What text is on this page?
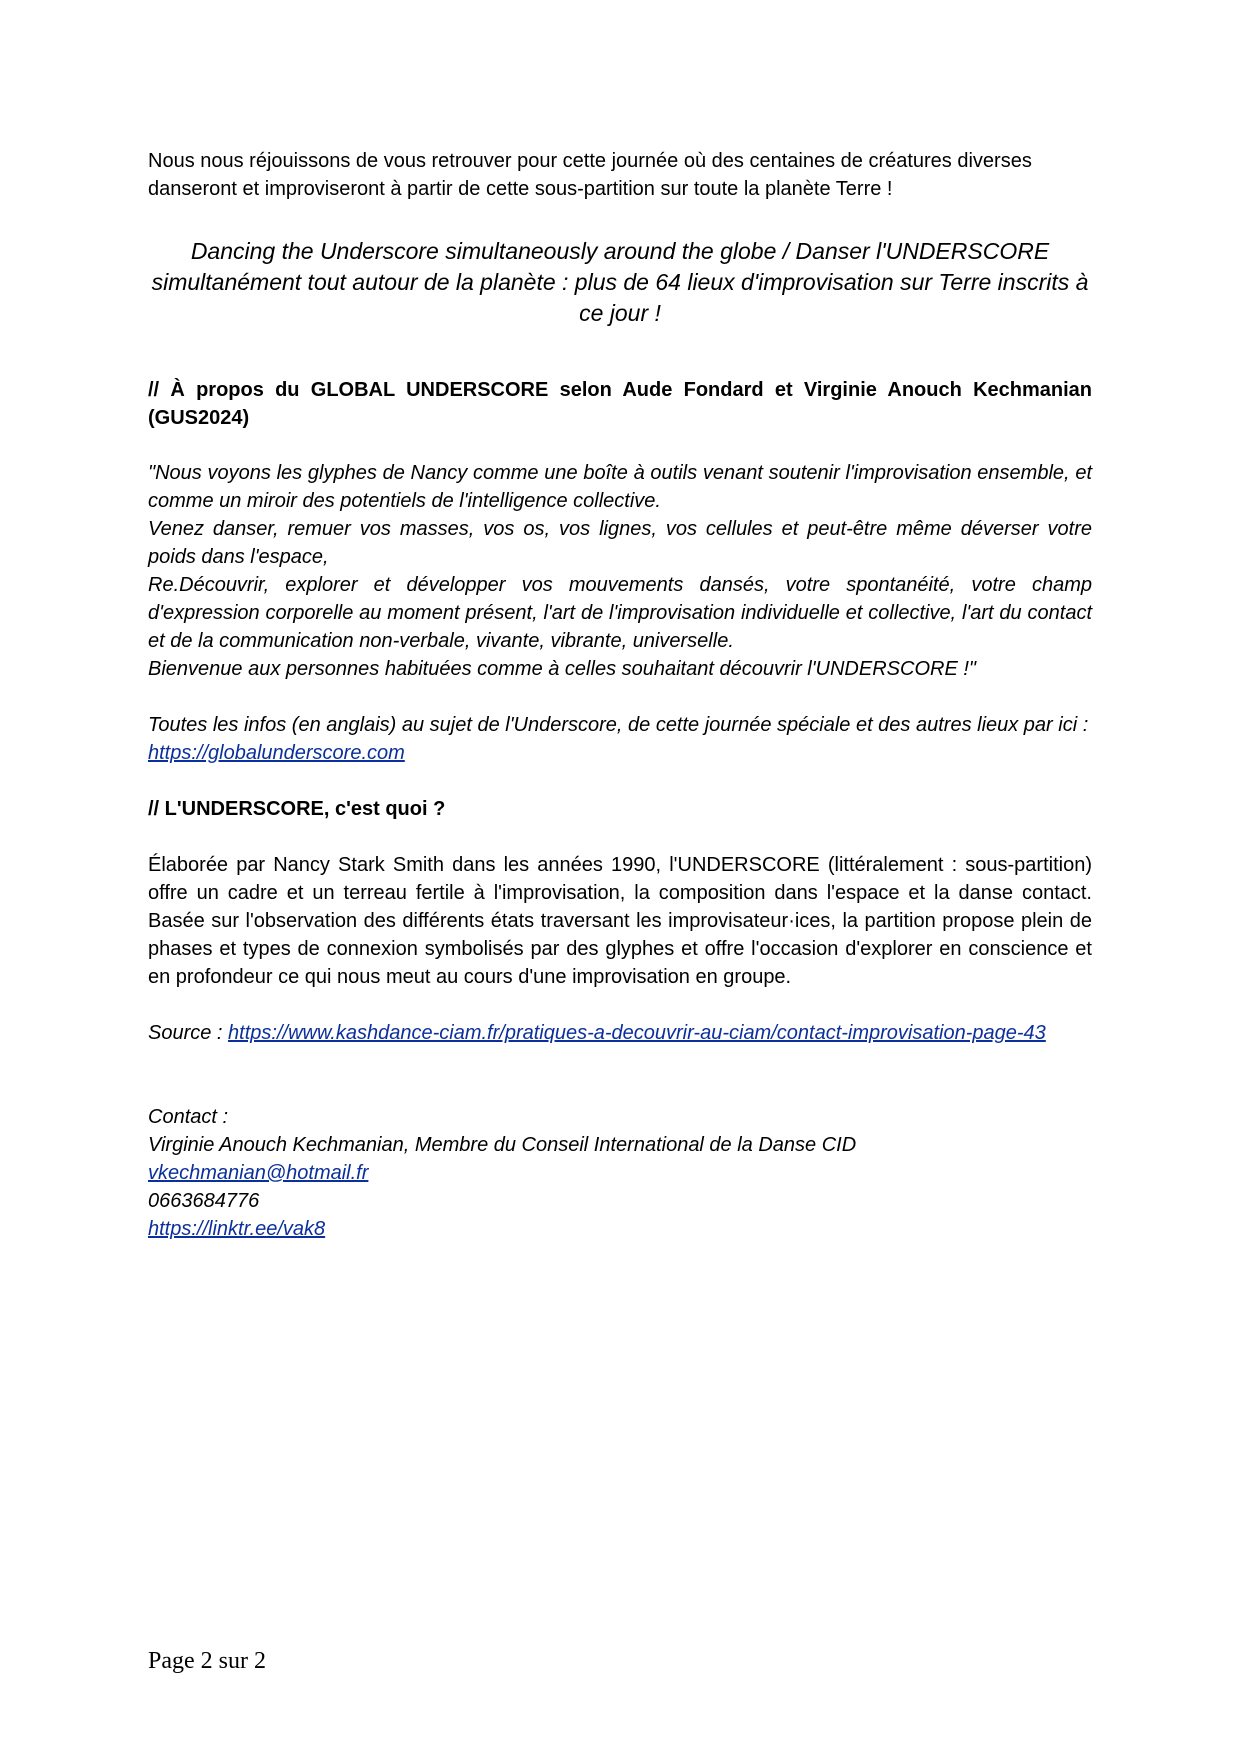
Nous nous réjouissons de vous retrouver pour cette journée où des centaines de créatures diverses danseront et improviseront à partir de cette sous-partition sur toute la planète Terre !

Dancing the Underscore simultaneously around the globe / Danser l'UNDERSCORE simultanément tout autour de la planète : plus de 64 lieux d'improvisation sur Terre inscrits à ce jour !
// À propos du GLOBAL UNDERSCORE selon Aude Fondard et Virginie Anouch Kechmanian (GUS2024)

"Nous voyons les glyphes de Nancy comme une boîte à outils venant soutenir l'improvisation ensemble, et comme un miroir des potentiels de l'intelligence collective.

Venez danser, remuer vos masses, vos os, vos lignes, vos cellules et peut-être même déverser votre poids dans l'espace,

Re.Découvrir, explorer et développer vos mouvements dansés, votre spontanéité, votre champ d'expression corporelle au moment présent, l'art de l'improvisation individuelle et collective, l'art du contact et de la communication non-verbale, vivante, vibrante, universelle.

Bienvenue aux personnes habituées comme à celles souhaitant découvrir l'UNDERSCORE !"

Toutes les infos (en anglais) au sujet de l'Underscore, de cette journée spéciale et des autres lieux par ici : https://globalunderscore.com
// L'UNDERSCORE, c'est quoi ?

Élaborée par Nancy Stark Smith dans les années 1990, l'UNDERSCORE (littéralement : sous-partition) offre un cadre et un terreau fertile à l'improvisation, la composition dans l'espace et la danse contact. Basée sur l'observation des différents états traversant les improvisateur·ices, la partition propose plein de phases et types de connexion symbolisés par des glyphes et offre l'occasion d'explorer en conscience et en profondeur ce qui nous meut au cours d'une improvisation en groupe.

Source : https://www.kashdance-ciam.fr/pratiques-a-decouvrir-au-ciam/contact-improvisation-page-43

Contact :

Virginie Anouch Kechmanian, Membre du Conseil International de la Danse CID

vkechmanian@hotmail.fr

0663684776

https://linktr.ee/vak8

Page 2 sur 2
